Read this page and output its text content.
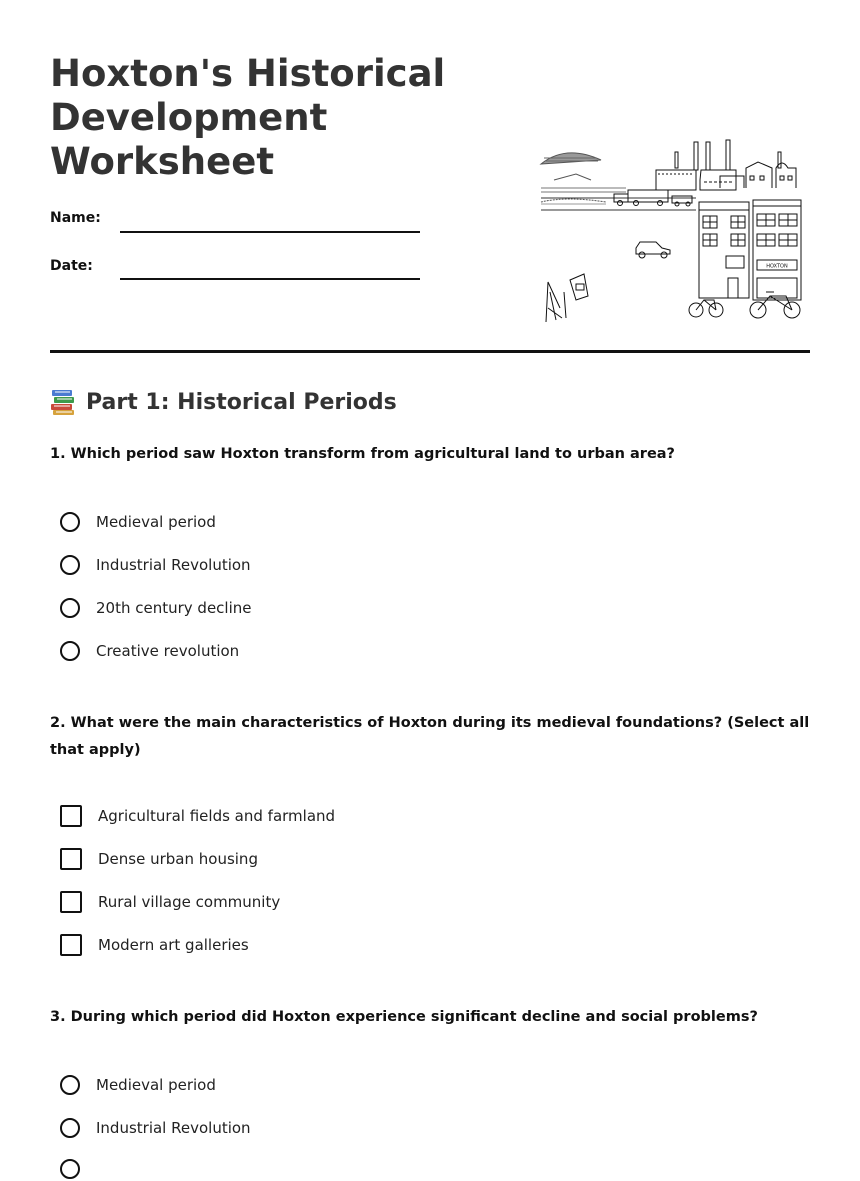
Hoxton's Historical Development Worksheet
Name:
Date:	HOXTON
Part 1: Historical Periods

1. Which period saw Hoxton transform from agricultural land to urban area?

Medieval period
Industrial Revolution
20th century decline
Creative revolution

2. What were the main characteristics of Hoxton during its medieval foundations? (Select all that apply)

Agricultural fields and farmland
Dense urban housing
Rural village community
Modern art galleries

3. During which period did Hoxton experience significant decline and social problems?

Medieval period
Industrial Revolution
